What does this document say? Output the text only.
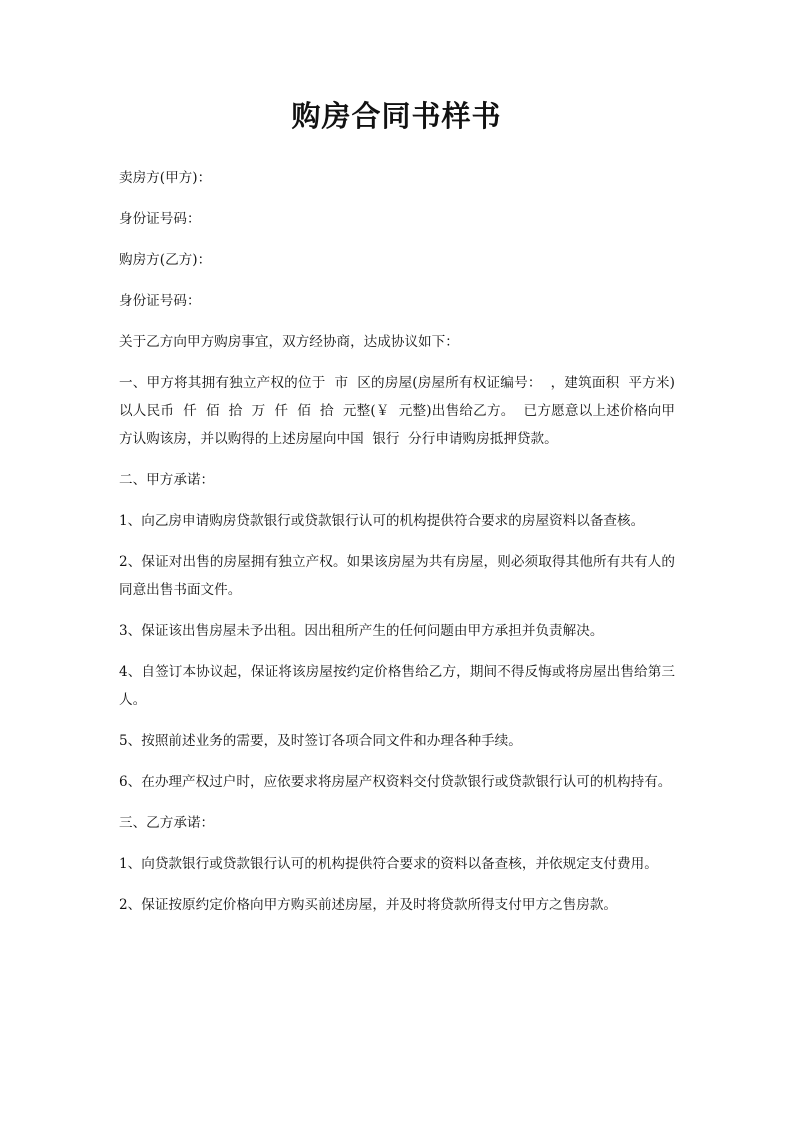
购房合同书样书

卖房方(甲方)：

身份证号码：

购房方(乙方)：

身份证号码：

关于乙方向甲方购房事宜，双方经协商，达成协议如下：

一、甲方将其拥有独立产权的位于  市  区的房屋(房屋所有权证编号：  ，建筑面积  平方米)以人民币  仟  佰  拾  万  仟  佰  拾  元整(￥  元整)出售给乙方。  已方愿意以上述价格向甲方认购该房，并以购得的上述房屋向中国  银行  分行申请购房抵押贷款。

二、甲方承诺：

1、向乙房申请购房贷款银行或贷款银行认可的机构提供符合要求的房屋资料以备查核。

2、保证对出售的房屋拥有独立产权。如果该房屋为共有房屋，则必须取得其他所有共有人的同意出售书面文件。

3、保证该出售房屋未予出租。因出租所产生的任何问题由甲方承担并负责解决。

4、自签订本协议起，保证将该房屋按约定价格售给乙方，期间不得反悔或将房屋出售给第三人。

5、按照前述业务的需要，及时签订各项合同文件和办理各种手续。

6、在办理产权过户时，应依要求将房屋产权资料交付贷款银行或贷款银行认可的机构持有。

三、乙方承诺：

1、向贷款银行或贷款银行认可的机构提供符合要求的资料以备查核，并依规定支付费用。

2、保证按原约定价格向甲方购买前述房屋，并及时将贷款所得支付甲方之售房款。
